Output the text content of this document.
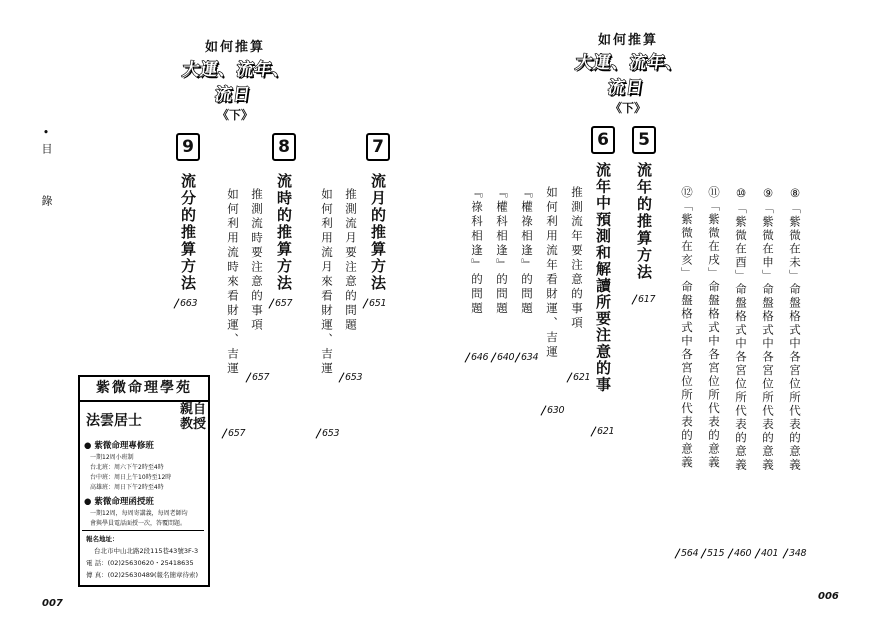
如何推算
大運、流年、流日
《下》
•
目 錄	7
流月的推算方法
651
推測流月要注意的問題
653
如何利用流月來看財運、吉運
653
8
流時的推算方法
657
推測流時要注意的事項
657
如何利用流時來看財運、吉運
657
9
流分的推算方法
663
紫微命理學苑
法雲居士
親自教授
● 紫微命理專修班
一期12周小班制
台北班：周六下午2時至4時
台中班：周日上午10時至12時
高雄班：周日下午2時至4時
● 紫微命理函授班
一期12周，每周寄講義，每周老師均
會與學員電話面授一次，答覆問題。
報名地址：
台北市中山北路2段115巷43號3F-3
電 話：(02)25630620・25418635
傳 真：(02)25630489(報名簡章待索)
007
如何推算
大運、流年、流日
《下》
5
流年的推算方法
617	⑧「紫微在未」命盤格式中各宮位所代表的意義
348
⑨「紫微在申」命盤格式中各宮位所代表的意義
401
⑩「紫微在酉」命盤格式中各宮位所代表的意義
460
⑪「紫微在戌」命盤格式中各宮位所代表的意義
515
⑫「紫微在亥」命盤格式中各宮位所代表的意義
564
6
流年中預測和解讀所要注意的事
621
推測流年要注意的事項
621
如何利用流年看財運、吉運
630
『權祿相逢』的問題
634
『權科相逢』的問題
640
『祿科相逢』的問題
646
006
